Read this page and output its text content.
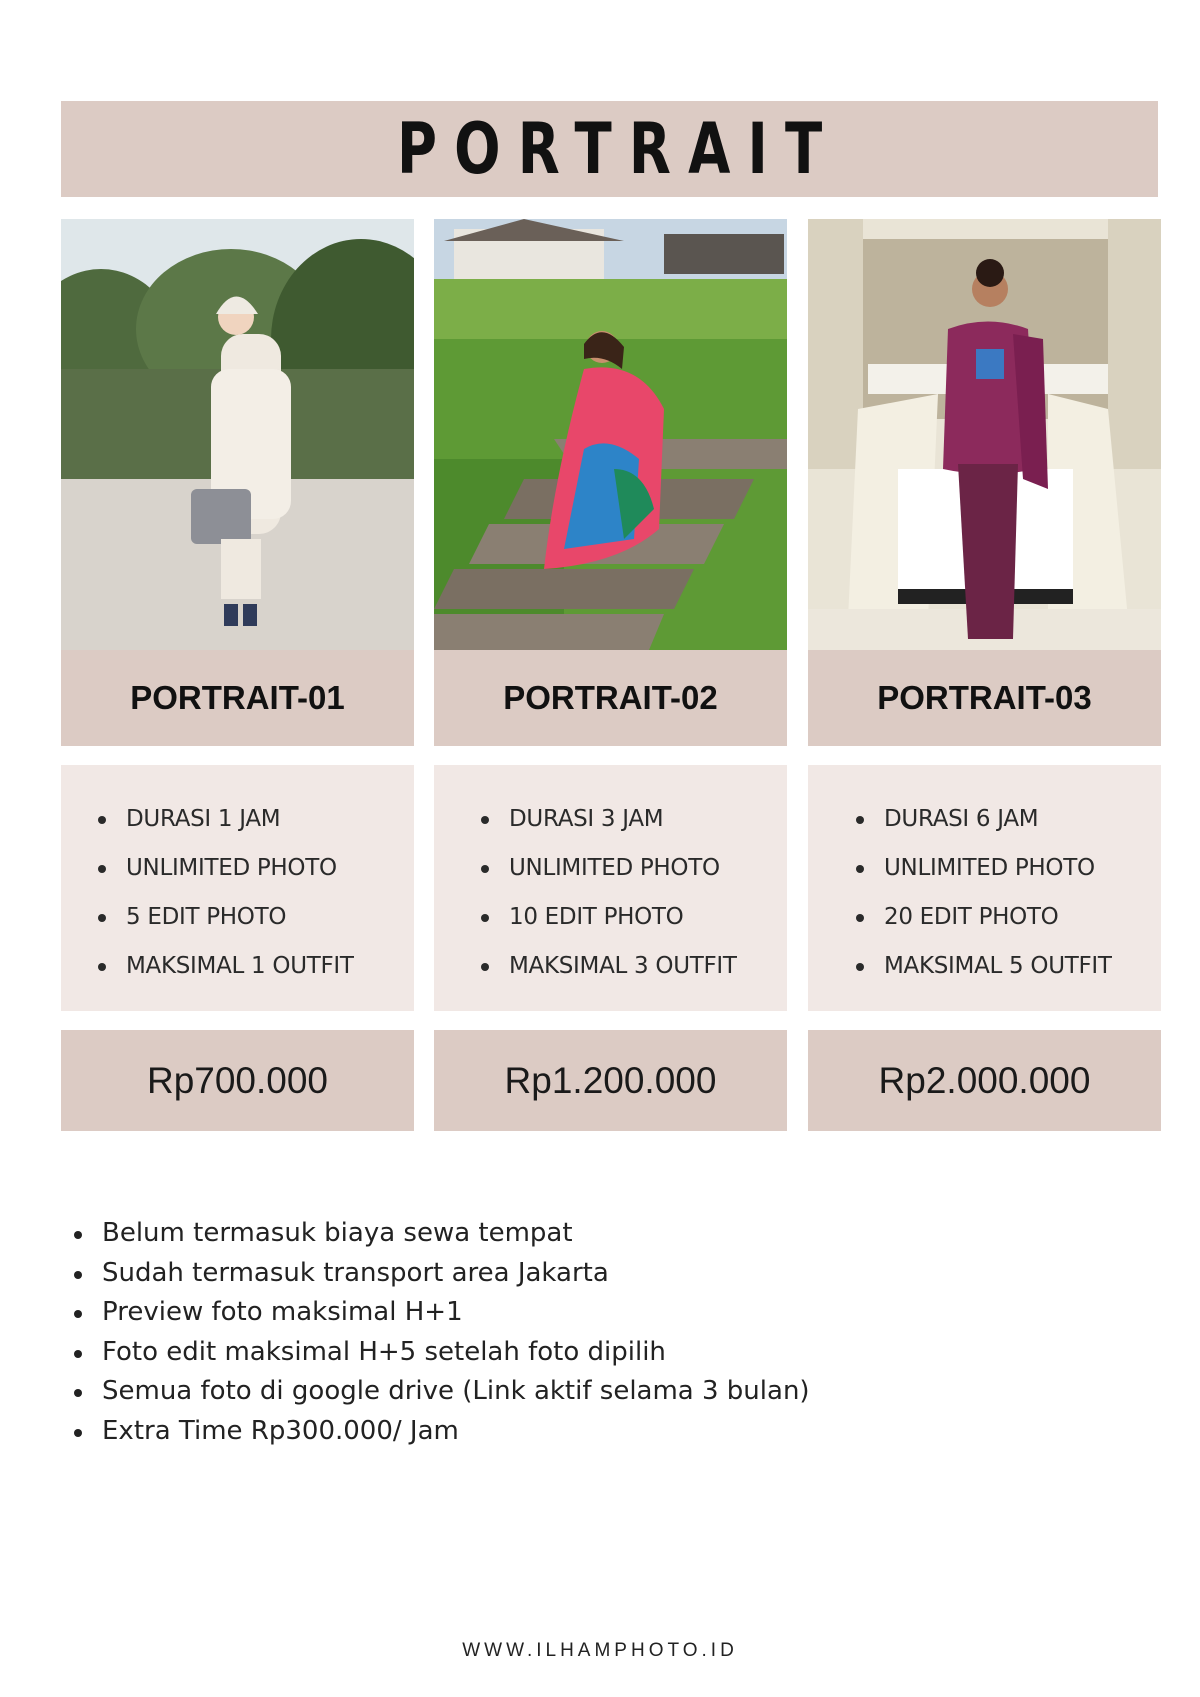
PORTRAIT
PORTRAIT-01
DURASI 1 JAM
UNLIMITED PHOTO
5 EDIT PHOTO
MAKSIMAL 1 OUTFIT
Rp700.000
PORTRAIT-02
DURASI 3 JAM
UNLIMITED PHOTO
10 EDIT PHOTO
MAKSIMAL 3 OUTFIT
Rp1.200.000
PORTRAIT-03
DURASI 6 JAM
UNLIMITED PHOTO
20 EDIT PHOTO
MAKSIMAL 5 OUTFIT
Rp2.000.000
Belum termasuk biaya sewa tempat
Sudah termasuk transport area Jakarta
Preview foto maksimal H+1
Foto edit maksimal H+5 setelah foto dipilih
Semua foto di google drive (Link aktif selama 3 bulan)
Extra Time Rp300.000/ Jam
WWW.ILHAMPHOTO.ID
